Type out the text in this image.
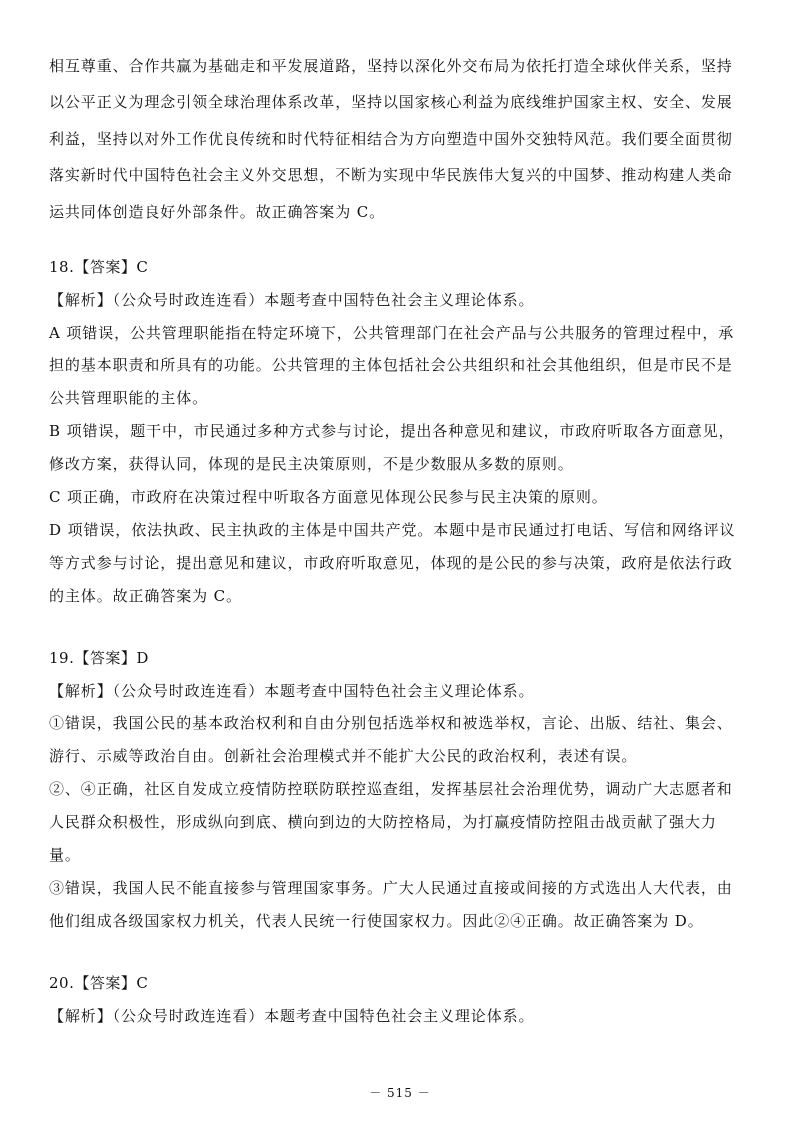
相互尊重、合作共赢为基础走和平发展道路，坚持以深化外交布局为依托打造全球伙伴关系，坚持
以公平正义为理念引领全球治理体系改革，坚持以国家核心利益为底线维护国家主权、安全、发展
利益，坚持以对外工作优良传统和时代特征相结合为方向塑造中国外交独特风范。我们要全面贯彻
落实新时代中国特色社会主义外交思想，不断为实现中华民族伟大复兴的中国梦、推动构建人类命
运共同体创造良好外部条件。故正确答案为 C。
18.【答案】C
【解析】（公众号时政连连看）本题考查中国特色社会主义理论体系。
A 项错误，公共管理职能指在特定环境下，公共管理部门在社会产品与公共服务的管理过程中，承
担的基本职责和所具有的功能。公共管理的主体包括社会公共组织和社会其他组织，但是市民不是
公共管理职能的主体。
B 项错误，题干中，市民通过多种方式参与讨论，提出各种意见和建议，市政府听取各方面意见，
修改方案，获得认同，体现的是民主决策原则，不是少数服从多数的原则。
C 项正确，市政府在决策过程中听取各方面意见体现公民参与民主决策的原则。
D 项错误，依法执政、民主执政的主体是中国共产党。本题中是市民通过打电话、写信和网络评议
等方式参与讨论，提出意见和建议，市政府听取意见，体现的是公民的参与决策，政府是依法行政
的主体。故正确答案为 C。
19.【答案】D
【解析】（公众号时政连连看）本题考查中国特色社会主义理论体系。
①错误，我国公民的基本政治权利和自由分别包括选举权和被选举权，言论、出版、结社、集会、
游行、示威等政治自由。创新社会治理模式并不能扩大公民的政治权利，表述有误。
②、④正确，社区自发成立疫情防控联防联控巡查组，发挥基层社会治理优势，调动广大志愿者和
人民群众积极性，形成纵向到底、横向到边的大防控格局，为打赢疫情防控阻击战贡献了强大力
量。
③错误，我国人民不能直接参与管理国家事务。广大人民通过直接或间接的方式选出人大代表，由
他们组成各级国家权力机关，代表人民统一行使国家权力。因此②④正确。故正确答案为 D。
20.【答案】C
【解析】（公众号时政连连看）本题考查中国特色社会主义理论体系。
－ 515 －
